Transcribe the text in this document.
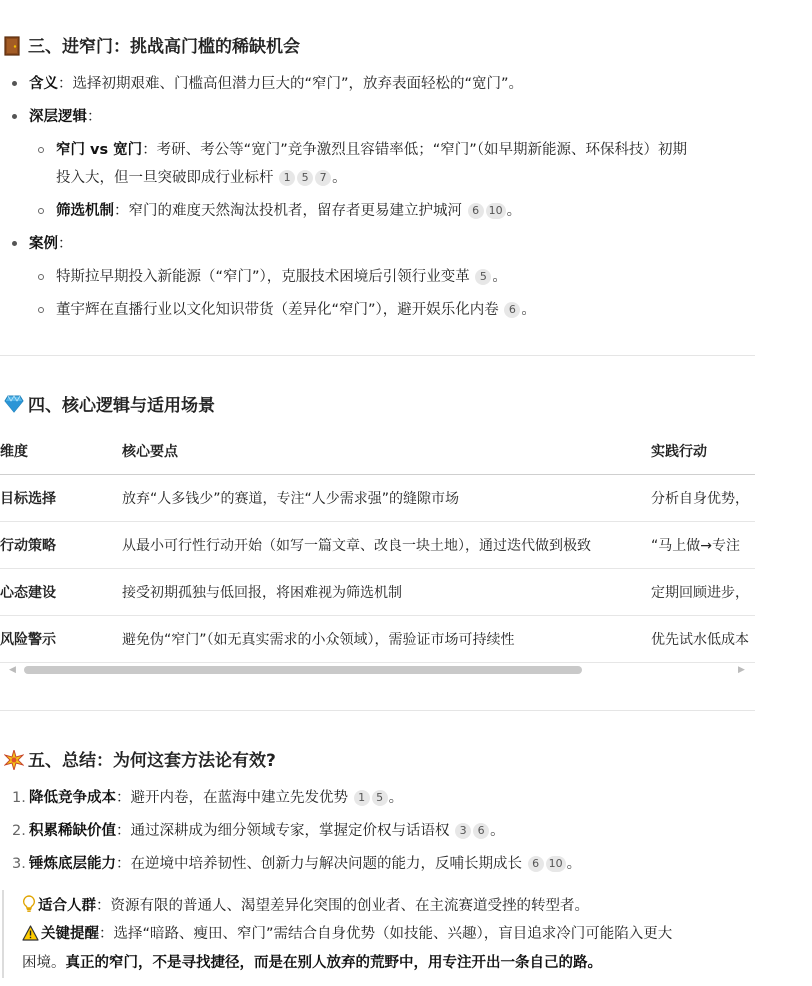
三、进窄门：挑战高门槛的稀缺机会
含义：选择初期艰难、门槛高但潜力巨大的“窄门”，放弃表面轻松的“宽门”。
深层逻辑：
窄门 vs 宽门：考研、考公等“宽门”竞争激烈且容错率低；“窄门”（如早期新能源、环保科技）初期
投入大，但一旦突破即成行业标杆 1 5 7 。
筛选机制：窄门的难度天然淘汰投机者，留存者更易建立护城河 6 10 。
案例：
特斯拉早期投入新能源（“窄门”），克服技术困境后引领行业变革 5 。
董宇辉在直播行业以文化知识带货（差异化“窄门”），避开娱乐化内卷 6 。
四、核心逻辑与适用场景
维度	核心要点	实践行动
目标选择	放弃“人多钱少”的赛道，专注“人少需求强”的缝隙市场	分析自身优势，
行动策略	从最小可行性行动开始（如写一篇文章、改良一块土地），通过迭代做到极致	“马上做→专注
心态建设	接受初期孤独与低回报，将困难视为筛选机制	定期回顾进步，
风险警示	避免伪“窄门”（如无真实需求的小众领域），需验证市场可持续性	优先试水低成本
◀	▶
五、总结：为何这套方法论有效?
1. 降低竞争成本：避开内卷，在蓝海中建立先发优势 1 5 。
2. 积累稀缺价值：通过深耕成为细分领域专家，掌握定价权与话语权 3 6 。
3. 锤炼底层能力：在逆境中培养韧性、创新力与解决问题的能力，反哺长期成长 6 10 。
适合人群：资源有限的普通人、渴望差异化突围的创业者、在主流赛道受挫的转型者。
关键提醒：选择“暗路、瘦田、窄门”需结合自身优势（如技能、兴趣），盲目追求冷门可能陷入更大
困境。真正的窄门，不是寻找捷径，而是在别人放弃的荒野中，用专注开出一条自己的路。
